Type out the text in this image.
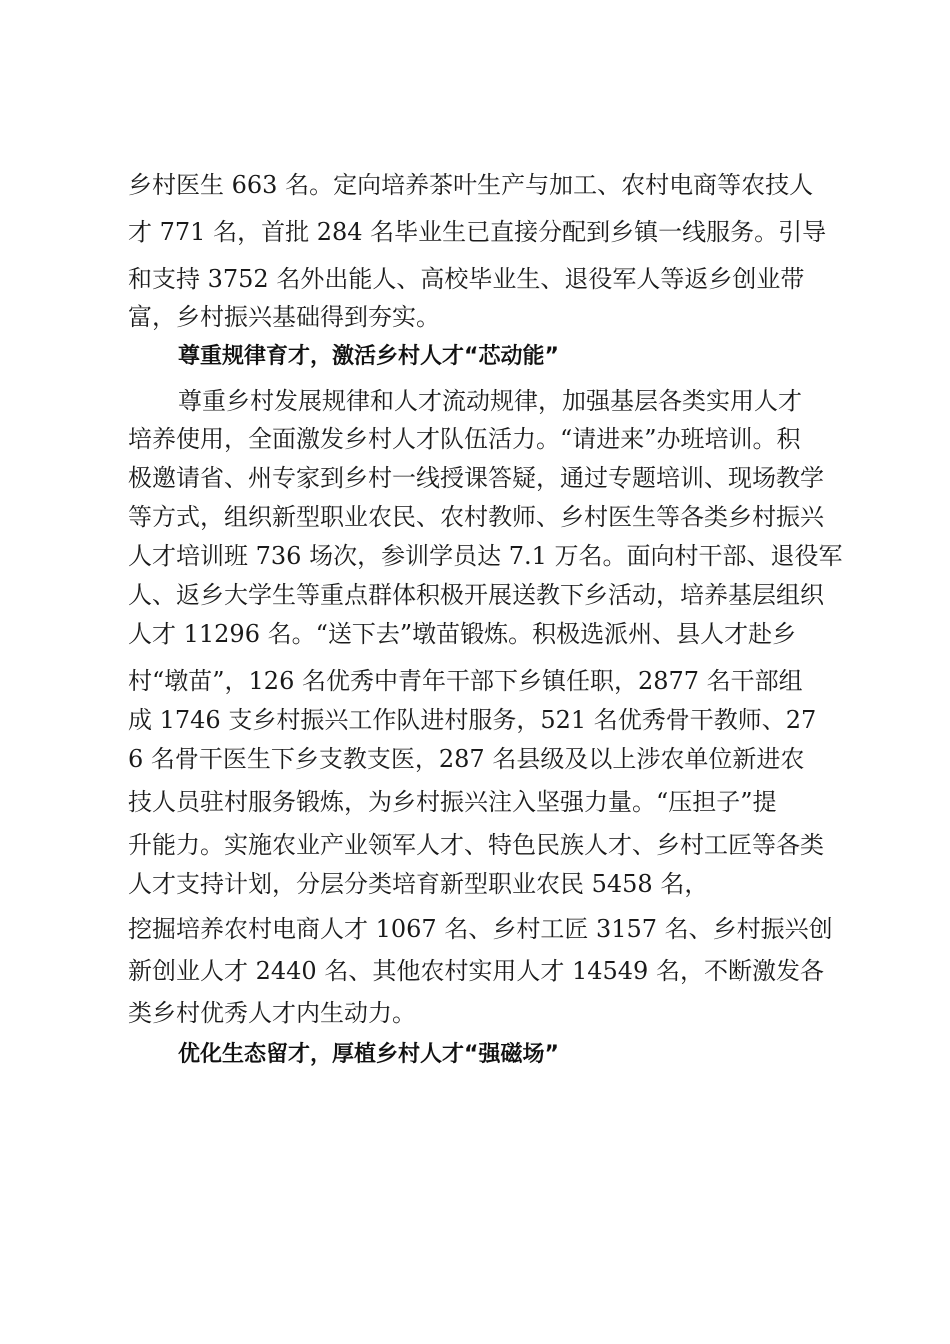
乡村医生 663 名。定向培养茶叶生产与加工、农村电商等农技人
才 771 名，首批 284 名毕业生已直接分配到乡镇一线服务。引导
和支持 3752 名外出能人、高校毕业生、退役军人等返乡创业带
富，乡村振兴基础得到夯实。
尊重规律育才，激活乡村人才“芯动能”
尊重乡村发展规律和人才流动规律，加强基层各类实用人才
培养使用，全面激发乡村人才队伍活力。“请进来”办班培训。积
极邀请省、州专家到乡村一线授课答疑，通过专题培训、现场教学
等方式，组织新型职业农民、农村教师、乡村医生等各类乡村振兴
人才培训班 736 场次，参训学员达 7.1 万名。面向村干部、退役军
人、返乡大学生等重点群体积极开展送教下乡活动，培养基层组织
人才 11296 名。“送下去”墩苗锻炼。积极选派州、县人才赴乡
村“墩苗”，126 名优秀中青年干部下乡镇任职，2877 名干部组
成 1746 支乡村振兴工作队进村服务，521 名优秀骨干教师、27
6 名骨干医生下乡支教支医，287 名县级及以上涉农单位新进农
技人员驻村服务锻炼，为乡村振兴注入坚强力量。“压担子”提
升能力。实施农业产业领军人才、特色民族人才、乡村工匠等各类
人才支持计划，分层分类培育新型职业农民 5458 名，
挖掘培养农村电商人才 1067 名、乡村工匠 3157 名、乡村振兴创
新创业人才 2440 名、其他农村实用人才 14549 名，不断激发各
类乡村优秀人才内生动力。
优化生态留才，厚植乡村人才“强磁场”
